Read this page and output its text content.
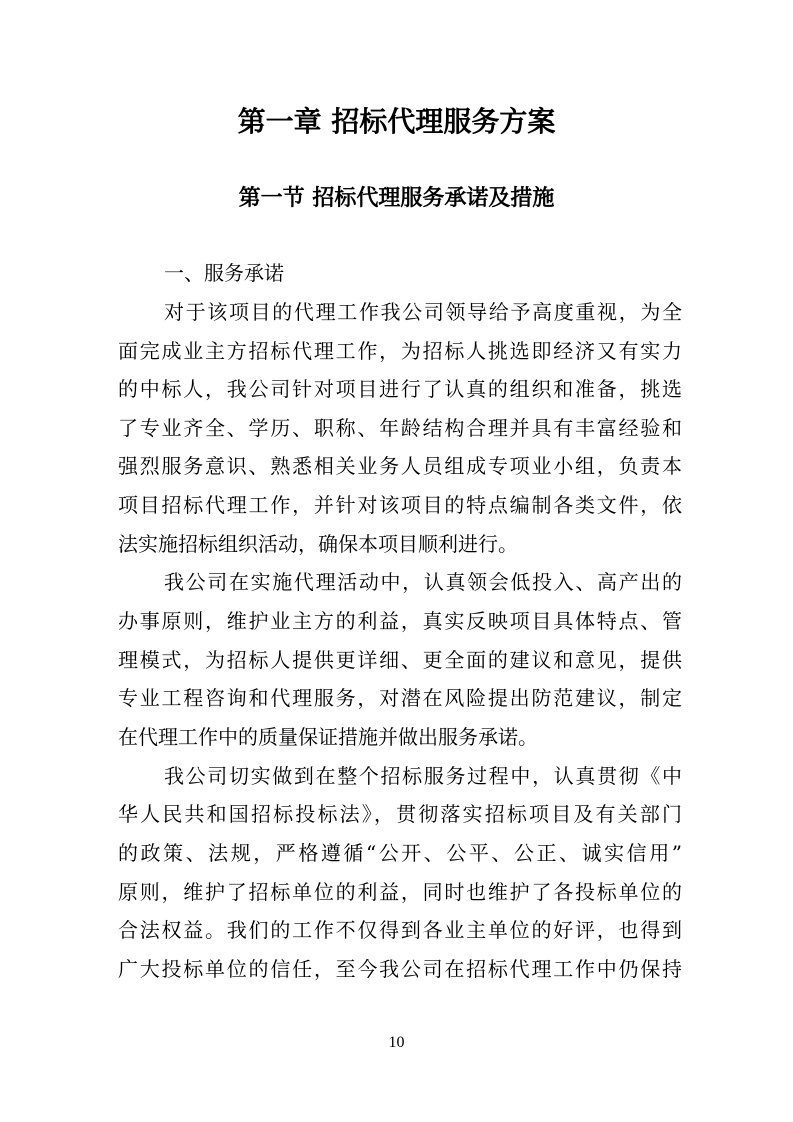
第一章 招标代理服务方案
第一节 招标代理服务承诺及措施
一、服务承诺
对于该项目的代理工作我公司领导给予高度重视，为全
面完成业主方招标代理工作，为招标人挑选即经济又有实力
的中标人，我公司针对项目进行了认真的组织和准备，挑选
了专业齐全、学历、职称、年龄结构合理并具有丰富经验和
强烈服务意识、熟悉相关业务人员组成专项业小组，负责本
项目招标代理工作，并针对该项目的特点编制各类文件，依
法实施招标组织活动，确保本项目顺利进行。
我公司在实施代理活动中，认真领会低投入、高产出的
办事原则，维护业主方的利益，真实反映项目具体特点、管
理模式，为招标人提供更详细、更全面的建议和意见，提供
专业工程咨询和代理服务，对潜在风险提出防范建议，制定
在代理工作中的质量保证措施并做出服务承诺。
我公司切实做到在整个招标服务过程中，认真贯彻《中
华人民共和国招标投标法》，贯彻落实招标项目及有关部门
的政策、法规，严格遵循“公开、公平、公正、诚实信用”
原则，维护了招标单位的利益，同时也维护了各投标单位的
合法权益。我们的工作不仅得到各业主单位的好评，也得到
广大投标单位的信任，至今我公司在招标代理工作中仍保持
10
